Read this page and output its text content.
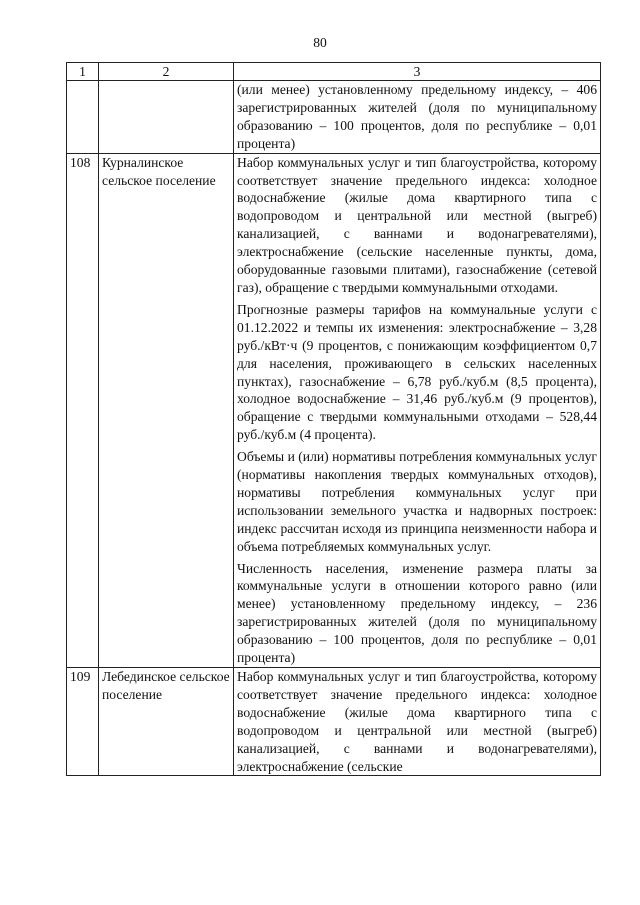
80
1	2	3

		(или менее) установленному предельному индексу, – 406 зарегистрированных жителей (доля по муниципальному образованию – 100 процентов, доля по республике – 0,01 процента)

108	Курналинское сельское поселение	Набор коммунальных услуг и тип благоустройства, которому соответствует значение предельного индекса: холодное водоснабжение (жилые дома квартирного типа с водопроводом и центральной или местной (выгреб) канализацией, с ваннами и водонагревателями), электроснабжение (сельские населенные пункты, дома, оборудованные газовыми плитами), газоснабжение (сетевой газ), обращение с твердыми коммунальными отходами.

Прогнозные размеры тарифов на коммунальные услуги с 01.12.2022 и темпы их изменения: электроснабжение – 3,28 руб./кВт·ч (9 процентов, с понижающим коэффициентом 0,7 для населения, проживающего в сельских населенных пунктах), газоснабжение – 6,78 руб./куб.м (8,5 процента), холодное водоснабжение – 31,46 руб./куб.м (9 процентов), обращение с твердыми коммунальными отходами – 528,44 руб./куб.м (4 процента).

Объемы и (или) нормативы потребления коммунальных услуг (нормативы накопления твердых коммунальных отходов), нормативы потребления коммунальных услуг при использовании земельного участка и надворных построек: индекс рассчитан исходя из принципа неизменности набора и объема потребляемых коммунальных услуг.

Численность населения, изменение размера платы за коммунальные услуги в отношении которого равно (или менее) установленному предельному индексу, – 236 зарегистрированных жителей (доля по муниципальному образованию – 100 процентов, доля по республике – 0,01 процента)

109	Лебединское сельское поселение	Набор коммунальных услуг и тип благоустройства, которому соответствует значение предельного индекса: холодное водоснабжение (жилые дома квартирного типа с водопроводом и центральной или местной (выгреб) канализацией, с ваннами и водонагревателями), электроснабжение (сельские
